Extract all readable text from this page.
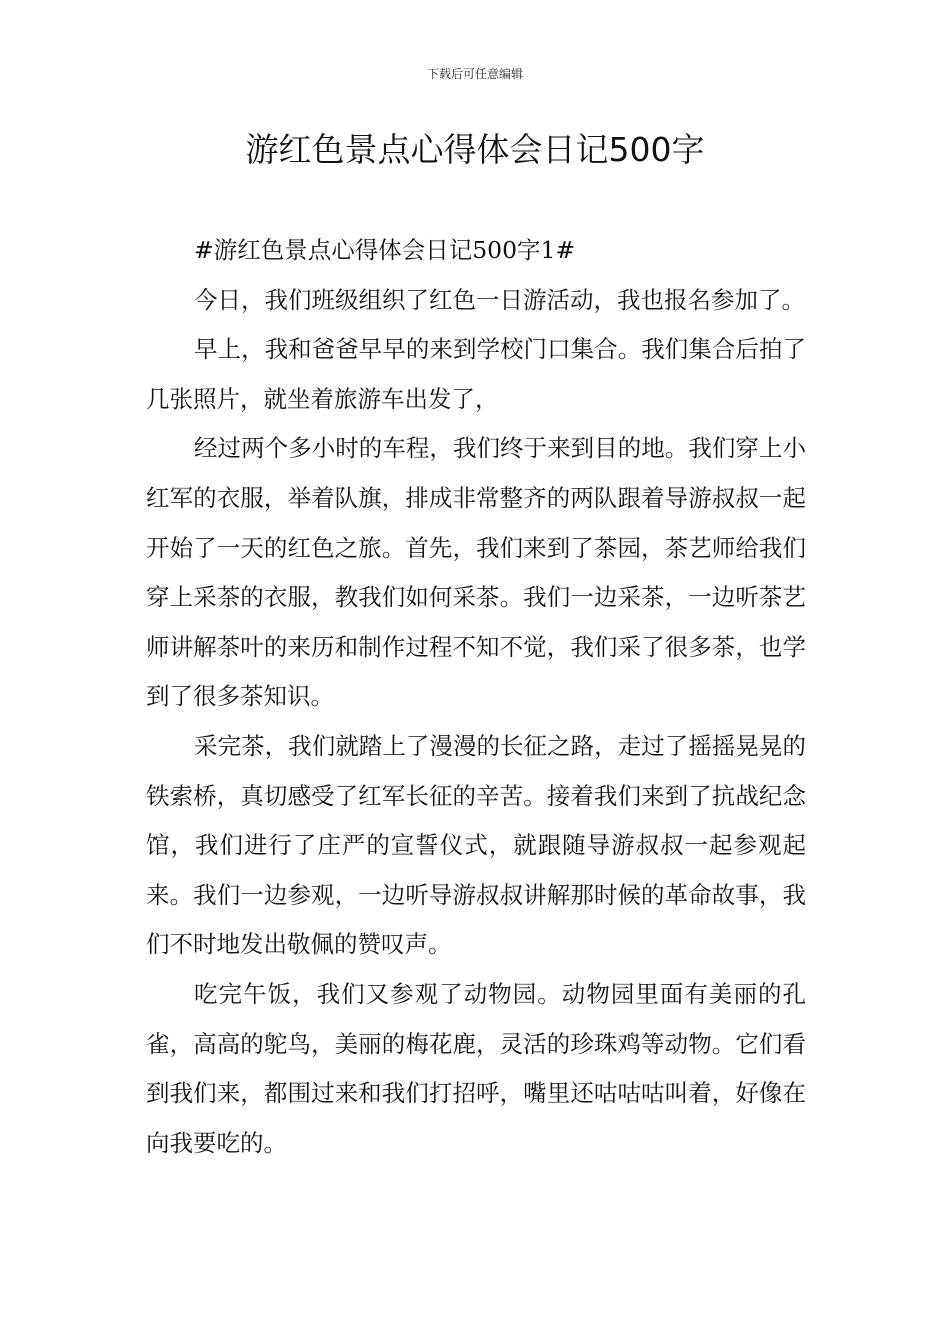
下载后可任意编辑
游红色景点心得体会日记500字

#游红色景点心得体会日记500字1#

今日，我们班级组织了红色一日游活动，我也报名参加了。

早上，我和爸爸早早的来到学校门口集合。我们集合后拍了几张照片，就坐着旅游车出发了，

经过两个多小时的车程，我们终于来到目的地。我们穿上小红军的衣服，举着队旗，排成非常整齐的两队跟着导游叔叔一起开始了一天的红色之旅。首先，我们来到了茶园，茶艺师给我们穿上采茶的衣服，教我们如何采茶。我们一边采茶，一边听茶艺师讲解茶叶的来历和制作过程不知不觉，我们采了很多茶，也学到了很多茶知识。

采完茶，我们就踏上了漫漫的长征之路，走过了摇摇晃晃的铁索桥，真切感受了红军长征的辛苦。接着我们来到了抗战纪念馆，我们进行了庄严的宣誓仪式，就跟随导游叔叔一起参观起来。我们一边参观，一边听导游叔叔讲解那时候的革命故事，我们不时地发出敬佩的赞叹声。

吃完午饭，我们又参观了动物园。动物园里面有美丽的孔雀，高高的鸵鸟，美丽的梅花鹿，灵活的珍珠鸡等动物。它们看到我们来，都围过来和我们打招呼，嘴里还咕咕咕叫着，好像在向我要吃的。
